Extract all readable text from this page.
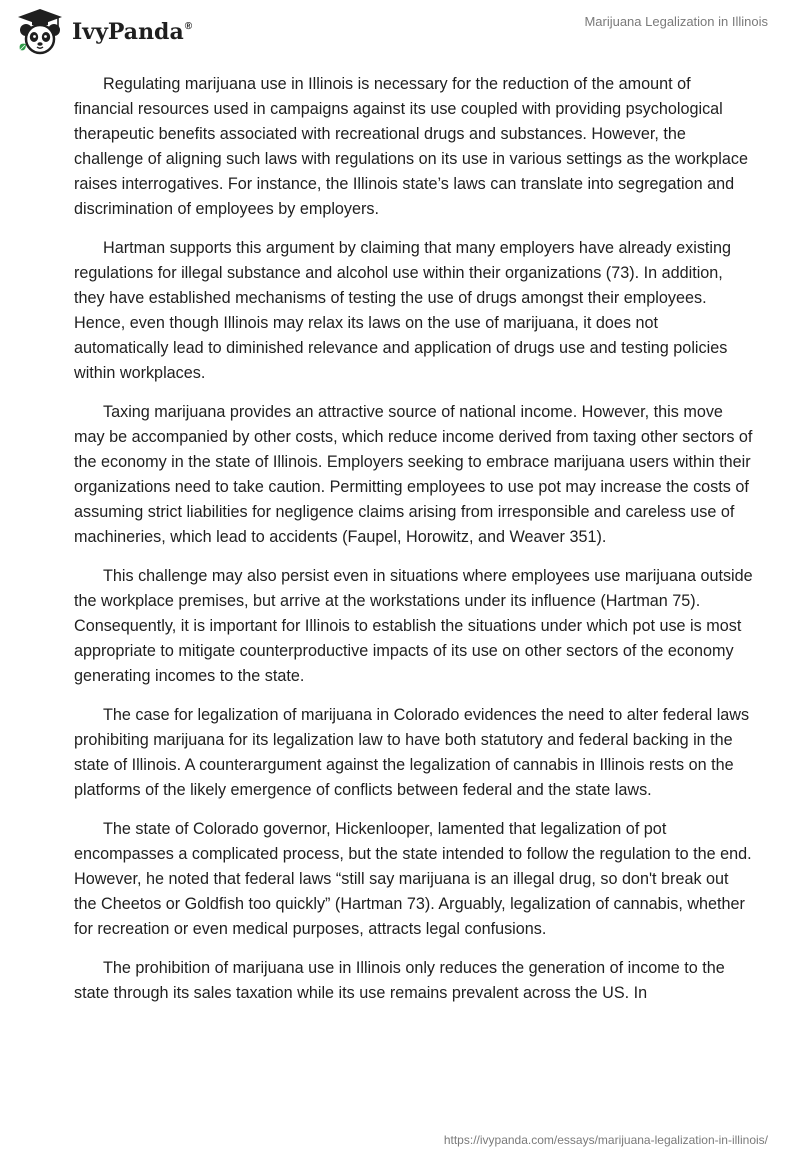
IvyPanda®	Marijuana Legalization in Illinois

Regulating marijuana use in Illinois is necessary for the reduction of the amount of financial resources used in campaigns against its use coupled with providing psychological therapeutic benefits associated with recreational drugs and substances. However, the challenge of aligning such laws with regulations on its use in various settings as the workplace raises interrogatives. For instance, the Illinois state’s laws can translate into segregation and discrimination of employees by employers.

Hartman supports this argument by claiming that many employers have already existing regulations for illegal substance and alcohol use within their organizations (73). In addition, they have established mechanisms of testing the use of drugs amongst their employees. Hence, even though Illinois may relax its laws on the use of marijuana, it does not automatically lead to diminished relevance and application of drugs use and testing policies within workplaces.

Taxing marijuana provides an attractive source of national income. However, this move may be accompanied by other costs, which reduce income derived from taxing other sectors of the economy in the state of Illinois. Employers seeking to embrace marijuana users within their organizations need to take caution. Permitting employees to use pot may increase the costs of assuming strict liabilities for negligence claims arising from irresponsible and careless use of machineries, which lead to accidents (Faupel, Horowitz, and Weaver 351).

This challenge may also persist even in situations where employees use marijuana outside the workplace premises, but arrive at the workstations under its influence (Hartman 75). Consequently, it is important for Illinois to establish the situations under which pot use is most appropriate to mitigate counterproductive impacts of its use on other sectors of the economy generating incomes to the state.

The case for legalization of marijuana in Colorado evidences the need to alter federal laws prohibiting marijuana for its legalization law to have both statutory and federal backing in the state of Illinois. A counterargument against the legalization of cannabis in Illinois rests on the platforms of the likely emergence of conflicts between federal and the state laws.

The state of Colorado governor, Hickenlooper, lamented that legalization of pot encompasses a complicated process, but the state intended to follow the regulation to the end. However, he noted that federal laws “still say marijuana is an illegal drug, so don't break out the Cheetos or Goldfish too quickly” (Hartman 73). Arguably, legalization of cannabis, whether for recreation or even medical purposes, attracts legal confusions.

The prohibition of marijuana use in Illinois only reduces the generation of income to the state through its sales taxation while its use remains prevalent across the US. In

https://ivypanda.com/essays/marijuana-legalization-in-illinois/
